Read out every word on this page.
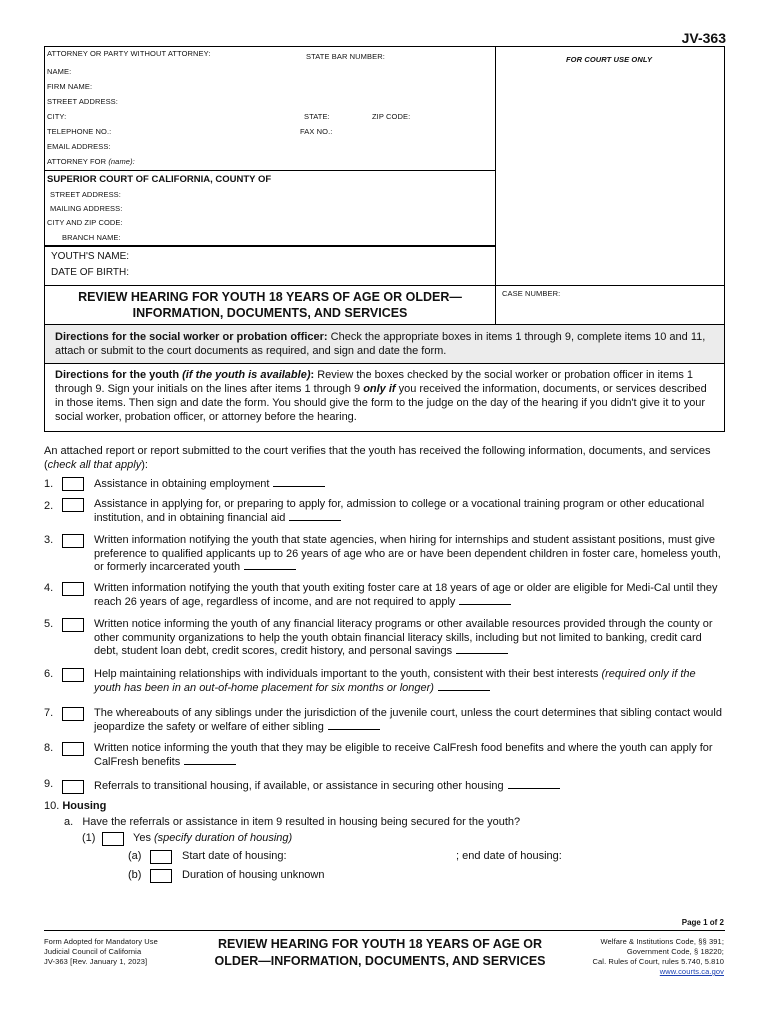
JV-363
FOR COURT USE ONLY
ATTORNEY OR PARTY WITHOUT ATTORNEY:	STATE BAR NUMBER:
NAME:
FIRM NAME:
STREET ADDRESS:
CITY:	STATE:	ZIP CODE:
TELEPHONE NO.:	FAX NO.:
EMAIL ADDRESS:
ATTORNEY FOR (name):
SUPERIOR COURT OF CALIFORNIA, COUNTY OF
STREET ADDRESS:
MAILING ADDRESS:
CITY AND ZIP CODE:
BRANCH NAME:
YOUTH'S NAME:
DATE OF BIRTH:
CASE NUMBER:
REVIEW HEARING FOR YOUTH 18 YEARS OF AGE OR OLDER—
INFORMATION, DOCUMENTS, AND SERVICES
Directions for the social worker or probation officer: Check the appropriate boxes in items 1 through 9, complete items 10 and 11, attach or submit to the court documents as required, and sign and date the form.
Directions for the youth (if the youth is available): Review the boxes checked by the social worker or probation officer in items 1 through 9. Sign your initials on the lines after items 1 through 9 only if you received the information, documents, or services described in those items. Then sign and date the form. You should give the form to the judge on the day of the hearing if you didn't give it to your social worker, probation officer, or attorney before the hearing.
An attached report or report submitted to the court verifies that the youth has received the following information, documents, and services (check all that apply):
1.	Assistance in obtaining employment
2.	Assistance in applying for, or preparing to apply for, admission to college or a vocational training program or other educational institution, and in obtaining financial aid
3.	Written information notifying the youth that state agencies, when hiring for internships and student assistant positions, must give preference to qualified applicants up to 26 years of age who are or have been dependent children in foster care, homeless youth, or formerly incarcerated youth
4.	Written information notifying the youth that youth exiting foster care at 18 years of age or older are eligible for Medi-Cal until they reach 26 years of age, regardless of income, and are not required to apply
5.	Written notice informing the youth of any financial literacy programs or other available resources provided through the county or other community organizations to help the youth obtain financial literacy skills, including but not limited to banking, credit card debt, student loan debt, credit scores, credit history, and personal savings
6.	Help maintaining relationships with individuals important to the youth, consistent with their best interests (required only if the youth has been in an out-of-home placement for six months or longer)
7.	The whereabouts of any siblings under the jurisdiction of the juvenile court, unless the court determines that sibling contact would jeopardize the safety or welfare of either sibling
8.	Written notice informing the youth that they may be eligible to receive CalFresh food benefits and where the youth can apply for CalFresh benefits
9.	Referrals to transitional housing, if available, or assistance in securing other housing
10. Housing
a. Have the referrals or assistance in item 9 resulted in housing being secured for the youth?
(1)	Yes (specify duration of housing)
(a)	Start date of housing:	; end date of housing:
(b)	Duration of housing unknown
Page 1 of 2
Form Adopted for Mandatory Use
Judicial Council of California
JV-363 [Rev. January 1, 2023]
REVIEW HEARING FOR YOUTH 18 YEARS OF AGE OR
OLDER—INFORMATION, DOCUMENTS, AND SERVICES
Welfare & Institutions Code, §§ 391;
Government Code, § 18220;
Cal. Rules of Court, rules 5.740, 5.810
www.courts.ca.gov
